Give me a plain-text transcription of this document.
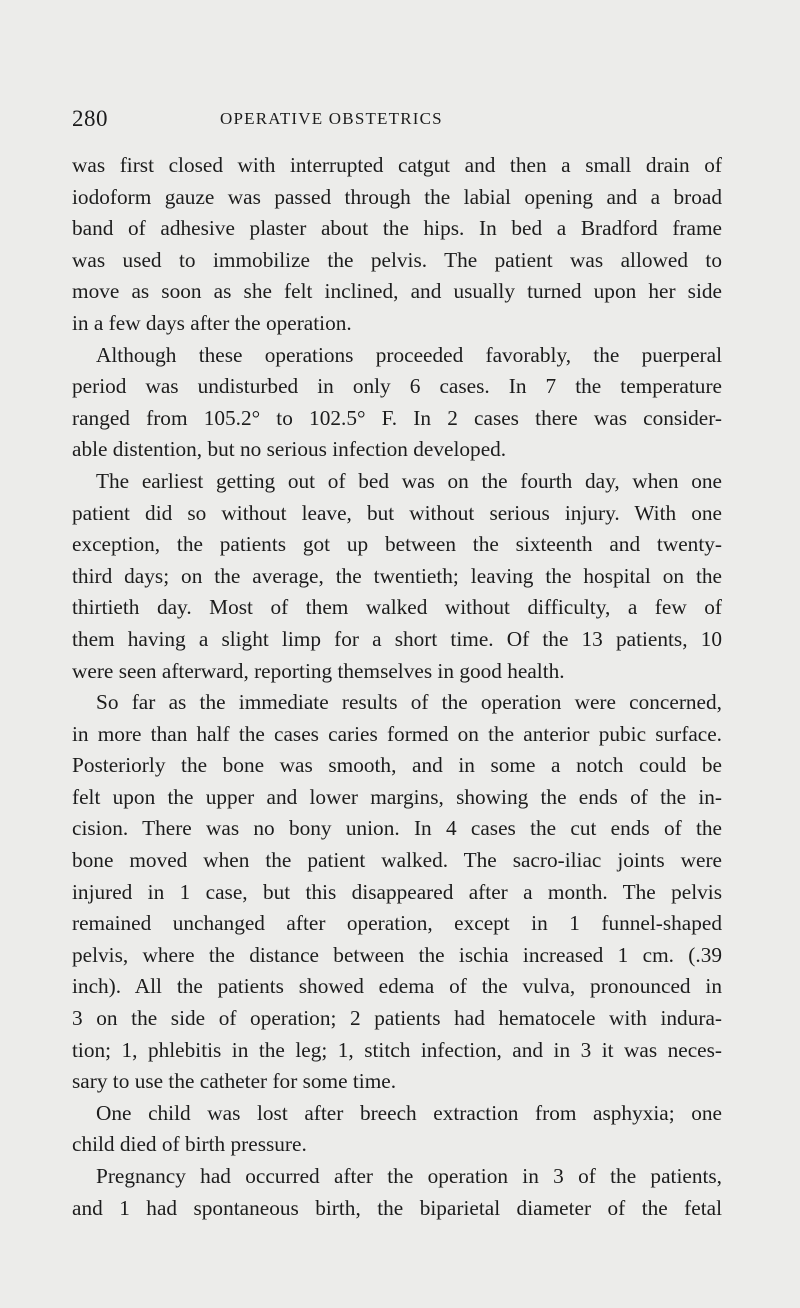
280	OPERATIVE OBSTETRICS
was first closed with interrupted catgut and then a small drain of
iodoform gauze was passed through the labial opening and a broad
band of adhesive plaster about the hips. In bed a Bradford frame
was used to immobilize the pelvis. The patient was allowed to
move as soon as she felt inclined, and usually turned upon her side
in a few days after the operation.
Although these operations proceeded favorably, the puerperal
period was undisturbed in only 6 cases. In 7 the temperature
ranged from 105.2° to 102.5° F. In 2 cases there was consider-
able distention, but no serious infection developed.
The earliest getting out of bed was on the fourth day, when one
patient did so without leave, but without serious injury. With one
exception, the patients got up between the sixteenth and twenty-
third days; on the average, the twentieth; leaving the hospital on the
thirtieth day. Most of them walked without difficulty, a few of
them having a slight limp for a short time. Of the 13 patients, 10
were seen afterward, reporting themselves in good health.
So far as the immediate results of the operation were concerned,
in more than half the cases caries formed on the anterior pubic surface.
Posteriorly the bone was smooth, and in some a notch could be
felt upon the upper and lower margins, showing the ends of the in-
cision. There was no bony union. In 4 cases the cut ends of the
bone moved when the patient walked. The sacro-iliac joints were
injured in 1 case, but this disappeared after a month. The pelvis
remained unchanged after operation, except in 1 funnel-shaped
pelvis, where the distance between the ischia increased 1 cm. (.39
inch). All the patients showed edema of the vulva, pronounced in
3 on the side of operation; 2 patients had hematocele with indura-
tion; 1, phlebitis in the leg; 1, stitch infection, and in 3 it was neces-
sary to use the catheter for some time.
One child was lost after breech extraction from asphyxia; one
child died of birth pressure.
Pregnancy had occurred after the operation in 3 of the patients,
and 1 had spontaneous birth, the biparietal diameter of the fetal
